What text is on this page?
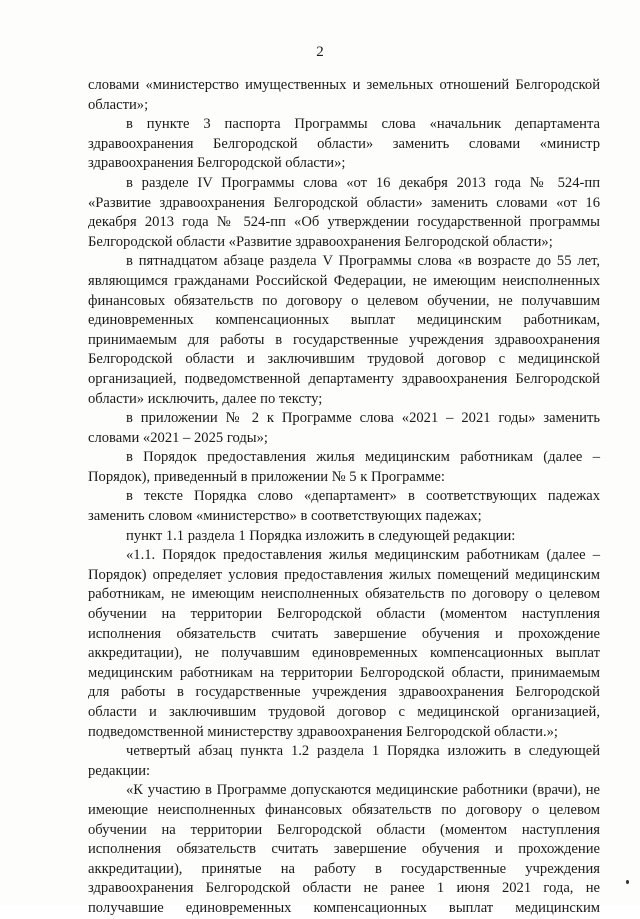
2

словами «министерство имущественных и земельных отношений Белгородской области»;

в пункте 3 паспорта Программы слова «начальник департамента здравоохранения Белгородской области» заменить словами «министр здравоохранения Белгородской области»;

в разделе IV Программы слова «от 16 декабря 2013 года № 524-пп «Развитие здравоохранения Белгородской области» заменить словами «от 16 декабря 2013 года № 524-пп «Об утверждении государственной программы Белгородской области «Развитие здравоохранения Белгородской области»;

в пятнадцатом абзаце раздела V Программы слова «в возрасте до 55 лет, являющимся гражданами Российской Федерации, не имеющим неисполненных финансовых обязательств по договору о целевом обучении, не получавшим единовременных компенсационных выплат медицинским работникам, принимаемым для работы в государственные учреждения здравоохранения Белгородской области и заключившим трудовой договор с медицинской организацией, подведомственной департаменту здравоохранения Белгородской области» исключить, далее по тексту;

в приложении № 2 к Программе слова «2021 – 2021 годы» заменить словами «2021 – 2025 годы»;

в Порядок предоставления жилья медицинским работникам (далее – Порядок), приведенный в приложении № 5 к Программе:

в тексте Порядка слово «департамент» в соответствующих падежах заменить словом «министерство» в соответствующих падежах;

пункт 1.1 раздела 1 Порядка изложить в следующей редакции:

«1.1. Порядок предоставления жилья медицинским работникам (далее – Порядок) определяет условия предоставления жилых помещений медицинским работникам, не имеющим неисполненных обязательств по договору о целевом обучении на территории Белгородской области (моментом наступления исполнения обязательств считать завершение обучения и прохождение аккредитации), не получавшим единовременных компенсационных выплат медицинским работникам на территории Белгородской области, принимаемым для работы в государственные учреждения здравоохранения Белгородской области и заключившим трудовой договор с медицинской организацией, подведомственной министерству здравоохранения Белгородской области.»;

четвертый абзац пункта 1.2 раздела 1 Порядка изложить в следующей редакции:

«К участию в Программе допускаются медицинские работники (врачи), не имеющие неисполненных финансовых обязательств по договору о целевом обучении на территории Белгородской области (моментом наступления исполнения обязательств считать завершение обучения и прохождение аккредитации), принятые на работу в государственные учреждения здравоохранения Белгородской области не ранее 1 июня 2021 года, не получавшие единовременных компенсационных выплат медицинским
